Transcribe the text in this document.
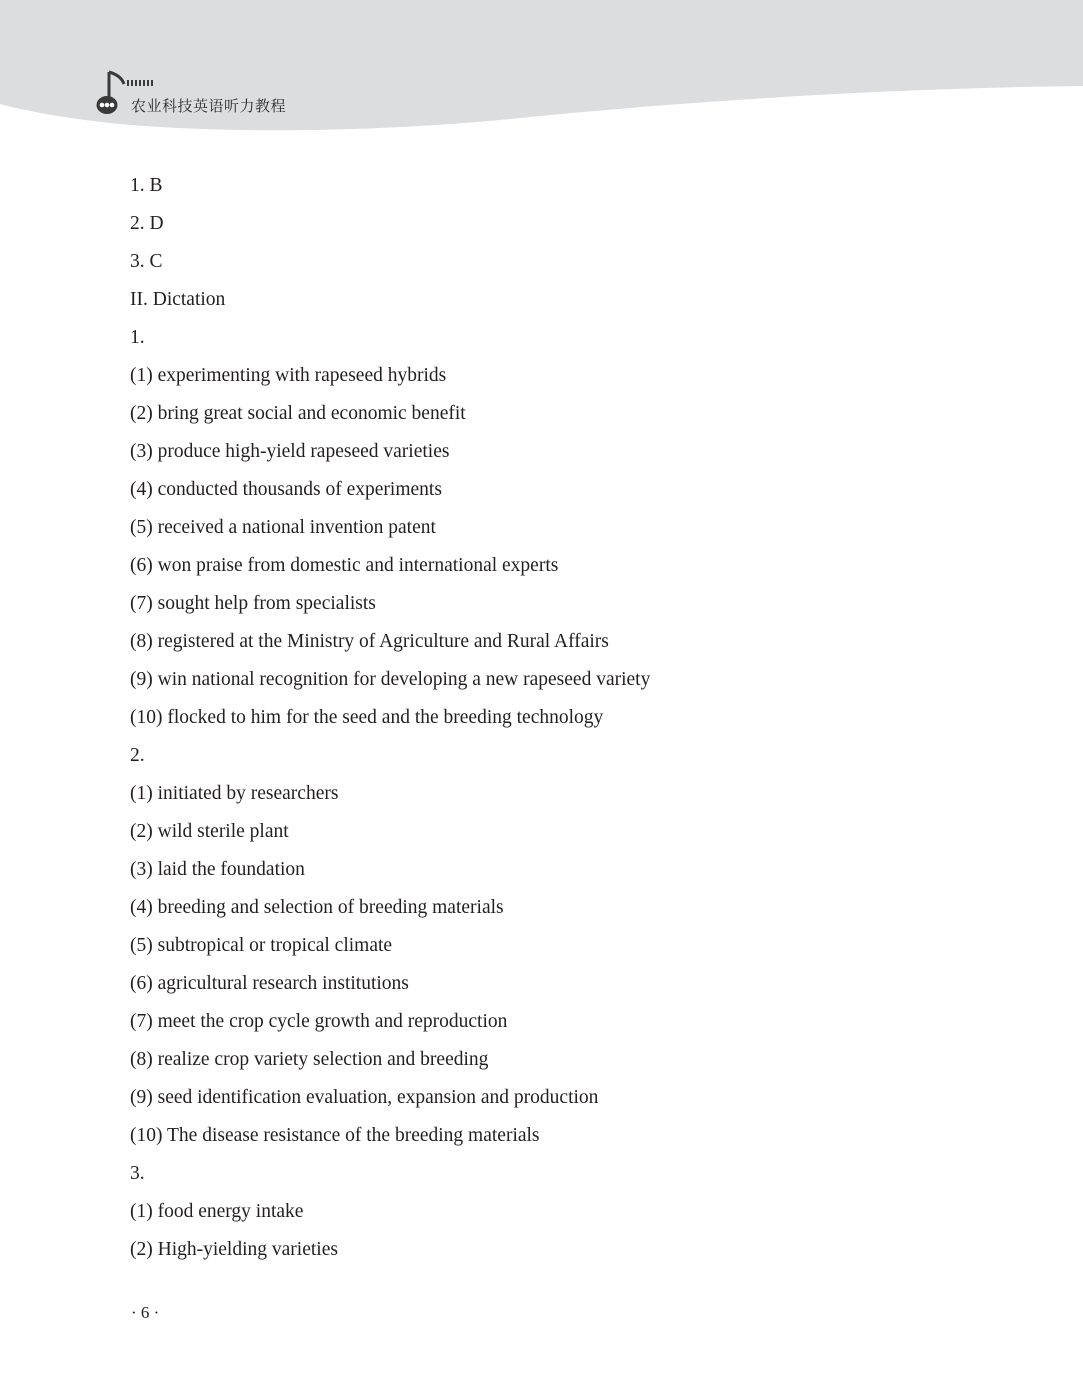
农业科技英语听力教程
1. B
2. D
3. C
II. Dictation
1.
(1) experimenting with rapeseed hybrids
(2) bring great social and economic benefit
(3) produce high-yield rapeseed varieties
(4) conducted thousands of experiments
(5) received a national invention patent
(6) won praise from domestic and international experts
(7) sought help from specialists
(8) registered at the Ministry of Agriculture and Rural Affairs
(9) win national recognition for developing a new rapeseed variety
(10) flocked to him for the seed and the breeding technology
2.
(1) initiated by researchers
(2) wild sterile plant
(3) laid the foundation
(4) breeding and selection of breeding materials
(5) subtropical or tropical climate
(6) agricultural research institutions
(7) meet the crop cycle growth and reproduction
(8) realize crop variety selection and breeding
(9) seed identification evaluation, expansion and production
(10) The disease resistance of the breeding materials
3.
(1) food energy intake
(2) High-yielding varieties
· 6 ·
